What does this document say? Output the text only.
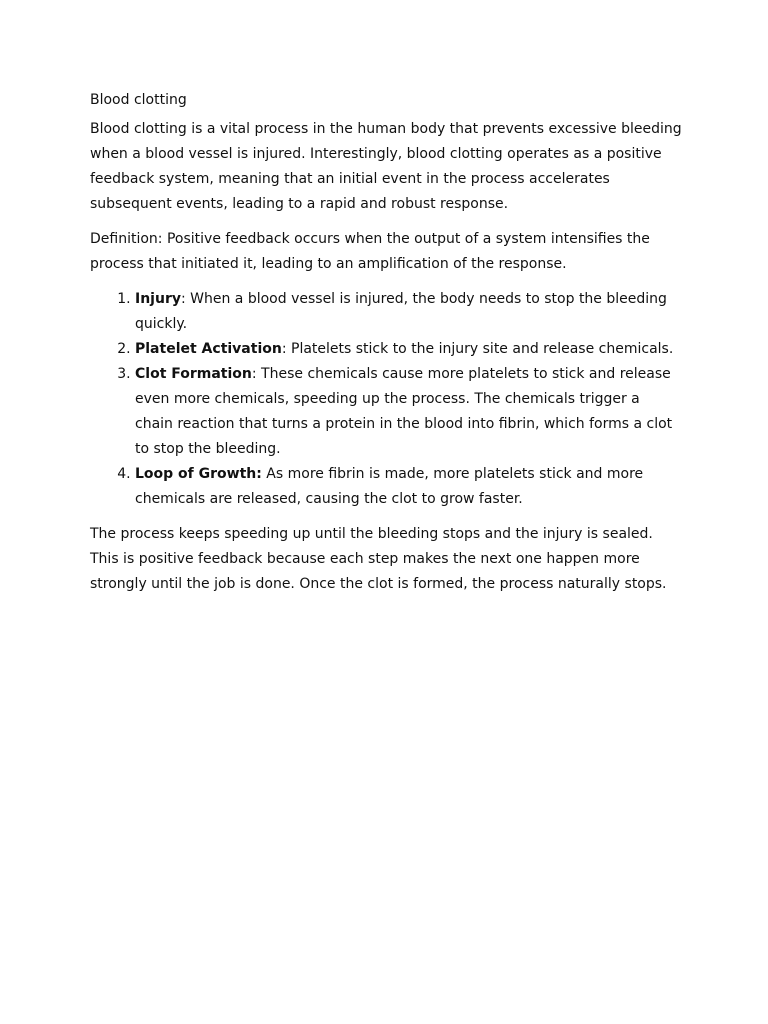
Blood clotting

Blood clotting is a vital process in the human body that prevents excessive bleeding when a blood vessel is injured. Interestingly, blood clotting operates as a positive feedback system, meaning that an initial event in the process accelerates subsequent events, leading to a rapid and robust response.

Definition: Positive feedback occurs when the output of a system intensifies the process that initiated it, leading to an amplification of the response.

1. Injury: When a blood vessel is injured, the body needs to stop the bleeding quickly.
2. Platelet Activation: Platelets stick to the injury site and release chemicals.
3. Clot Formation: These chemicals cause more platelets to stick and release even more chemicals, speeding up the process. The chemicals trigger a chain reaction that turns a protein in the blood into fibrin, which forms a clot to stop the bleeding.
4. Loop of Growth: As more fibrin is made, more platelets stick and more chemicals are released, causing the clot to grow faster.

The process keeps speeding up until the bleeding stops and the injury is sealed. This is positive feedback because each step makes the next one happen more strongly until the job is done. Once the clot is formed, the process naturally stops.
